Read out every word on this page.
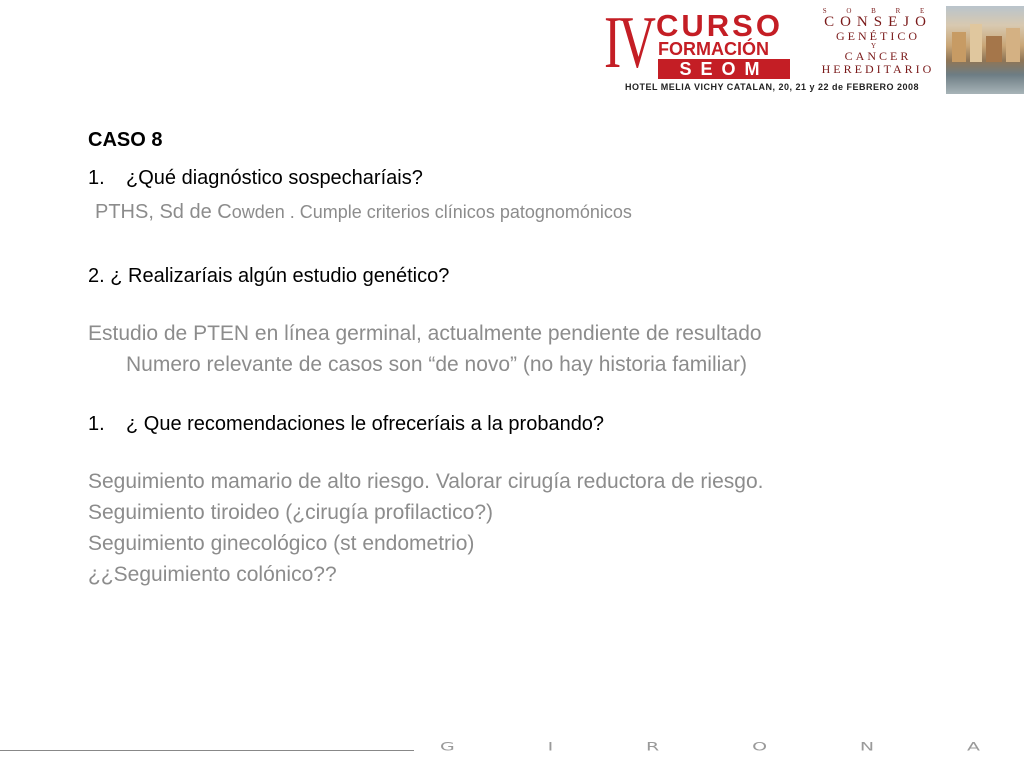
IV CURSO
FORMACIÓN
SEOM
S O B R E
CONSEJO
GENÉTICO
Y
CANCER
HEREDITARIO
HOTEL MELIA VICHY CATALAN, 20, 21 y 22 de FEBRERO 2008
CASO 8
1. ¿Qué diagnóstico sospecharíais?
PTHS, Sd de Cowden . Cumple criterios clínicos patognomónicos
2. ¿ Realizaríais algún estudio genético?
Estudio de PTEN en línea germinal, actualmente pendiente de resultado
Numero relevante de casos son “de novo” (no hay historia familiar)
1. ¿ Que recomendaciones le ofreceríais a la probando?
Seguimiento mamario de alto riesgo. Valorar cirugía reductora de riesgo.
Seguimiento tiroideo (¿cirugía profilactico?)
Seguimiento ginecológico (st endometrio)
¿¿Seguimiento colónico??
G	I	R	O	N	A
